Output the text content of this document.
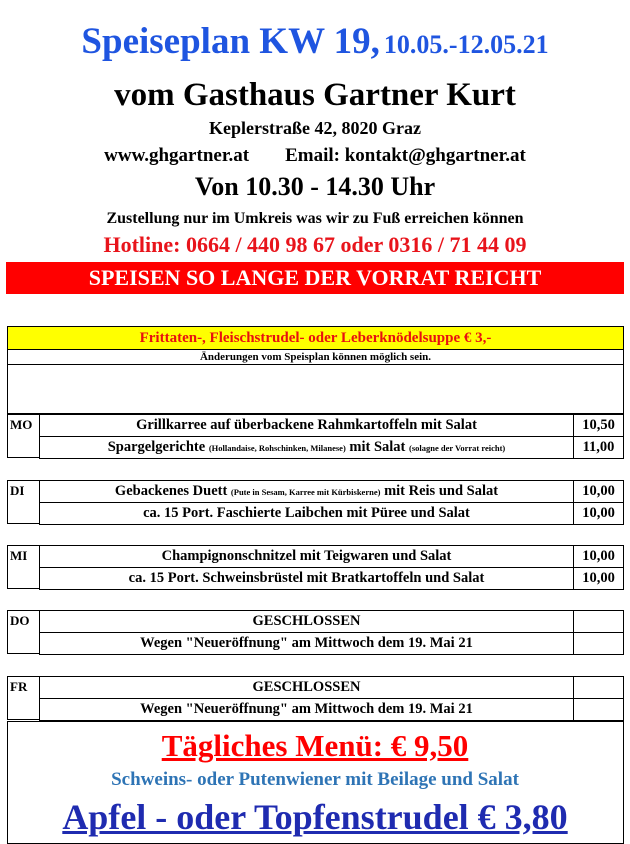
Speiseplan KW 19, 10.05.-12.05.21
vom Gasthaus Gartner Kurt
Keplerstraße 42, 8020 Graz
www.ghgartner.at Email: kontakt@ghgartner.at
Von 10.30 - 14.30 Uhr
Zustellung nur im Umkreis was wir zu Fuß erreichen können
Hotline: 0664 / 440 98 67 oder 0316 / 71 44 09
SPEISEN SO LANGE DER VORRAT REICHT
Frittaten-, Fleischstrudel- oder Leberknödelsuppe € 3,-
Änderungen vom Speisplan können möglich sein.
MO	Grillkarree auf überbackene Rahmkartoffeln mit Salat	10,50
Spargelgerichte (Hollandaise, Rohschinken, Milanese) mit Salat (solagne der Vorrat reicht)	11,00
DI	Gebackenes Duett (Pute in Sesam, Karree mit Kürbiskerne) mit Reis und Salat	10,00
ca. 15 Port. Faschierte Laibchen mit Püree und Salat	10,00
MI	Champignonschnitzel mit Teigwaren und Salat	10,00
ca. 15 Port. Schweinsbrüstel mit Bratkartoffeln und Salat	10,00
DO	GESCHLOSSEN
Wegen "Neueröffnung" am Mittwoch dem 19. Mai 21
FR	GESCHLOSSEN
Wegen "Neueröffnung" am Mittwoch dem 19. Mai 21
Tägliches Menü: € 9,50
Schweins- oder Putenwiener mit Beilage und Salat
Apfel - oder Topfenstrudel € 3,80
